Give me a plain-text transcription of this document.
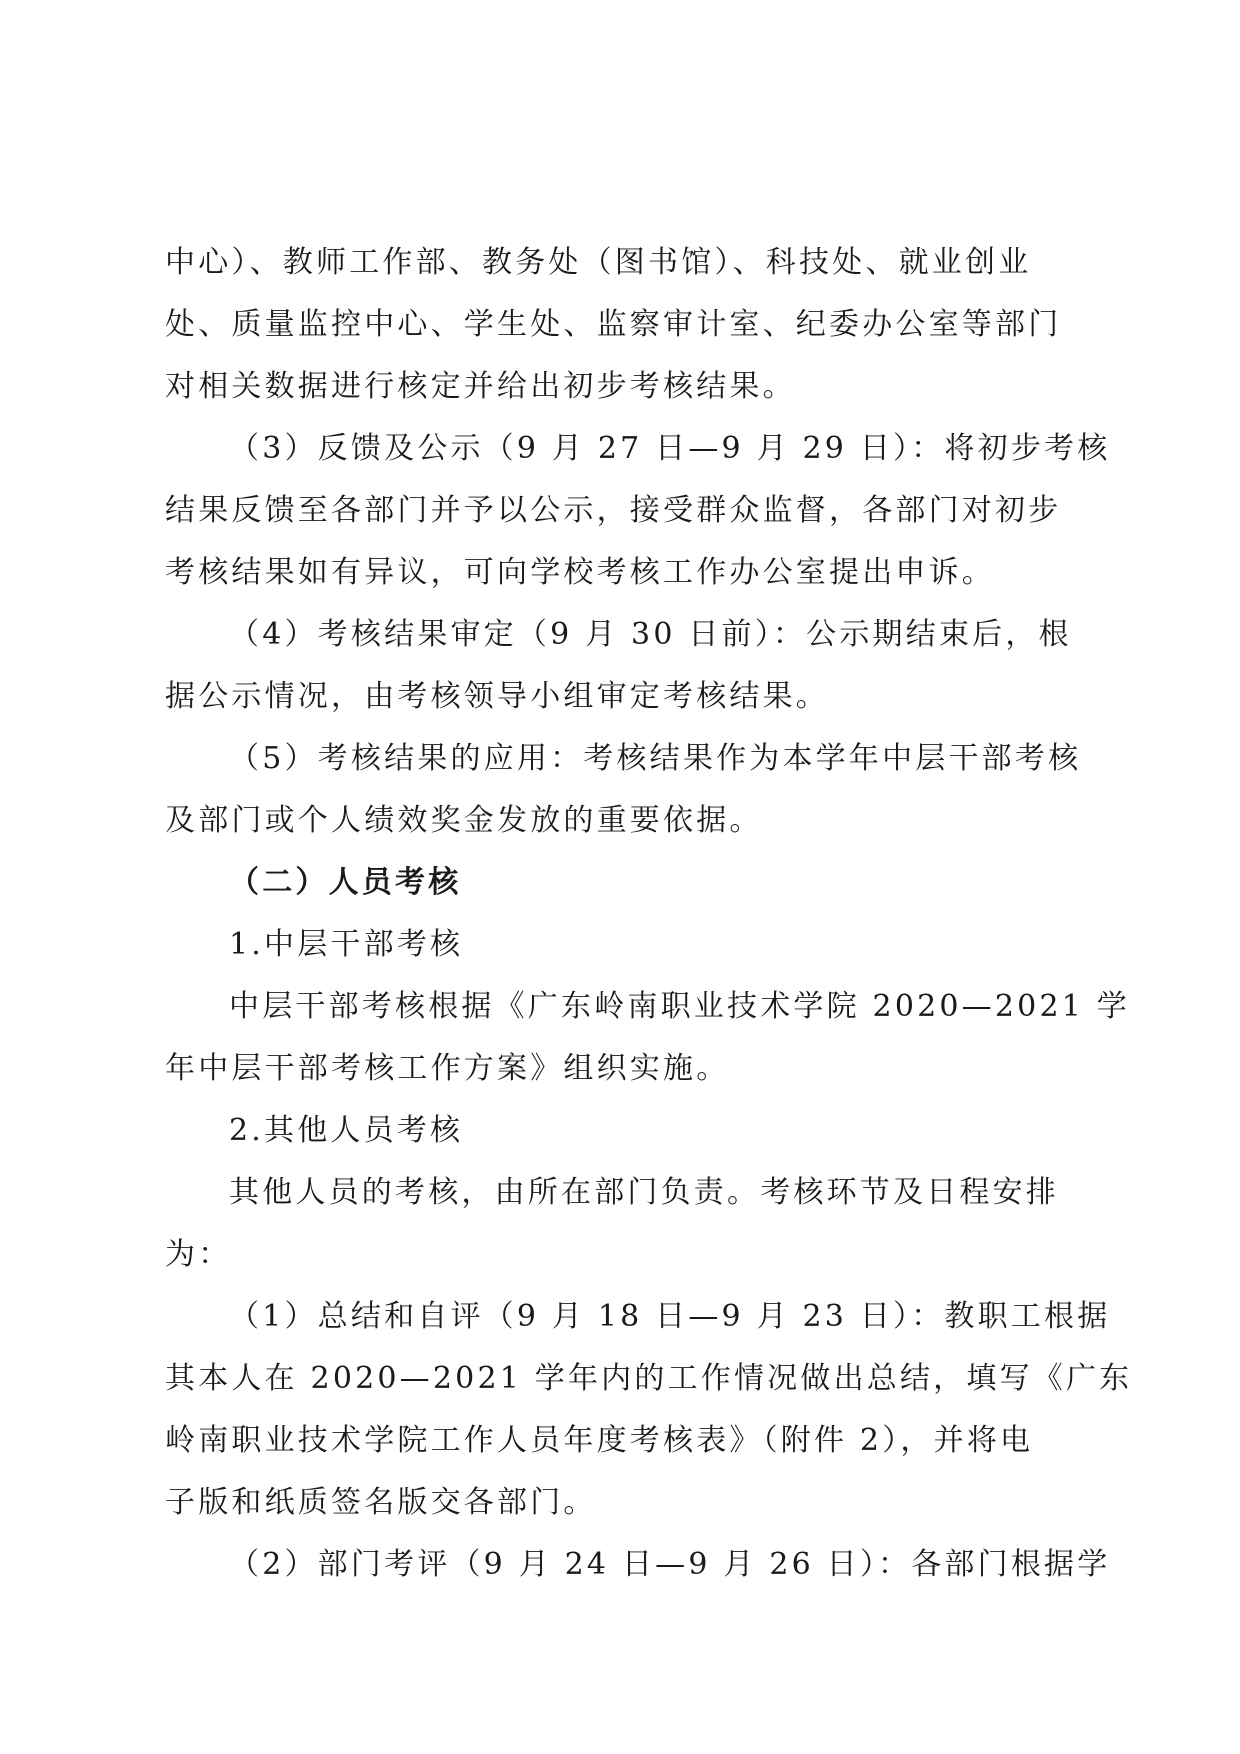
中心）、教师工作部、教务处（图书馆）、科技处、就业创业
处、质量监控中心、学生处、监察审计室、纪委办公室等部门
对相关数据进行核定并给出初步考核结果。
（3）反馈及公示（9 月 27 日—9 月 29 日）：将初步考核
结果反馈至各部门并予以公示，接受群众监督，各部门对初步
考核结果如有异议，可向学校考核工作办公室提出申诉。
（4）考核结果审定（9 月 30 日前）：公示期结束后，根
据公示情况，由考核领导小组审定考核结果。
（5）考核结果的应用：考核结果作为本学年中层干部考核
及部门或个人绩效奖金发放的重要依据。
（二）人员考核
1.中层干部考核
中层干部考核根据《广东岭南职业技术学院 2020—2021 学
年中层干部考核工作方案》组织实施。
2.其他人员考核
其他人员的考核，由所在部门负责。考核环节及日程安排
为：
（1）总结和自评（9 月 18 日—9 月 23 日）：教职工根据
其本人在 2020—2021 学年内的工作情况做出总结，填写《广东
岭南职业技术学院工作人员年度考核表》（附件 2），并将电
子版和纸质签名版交各部门。
（2）部门考评（9 月 24 日—9 月 26 日）：各部门根据学
